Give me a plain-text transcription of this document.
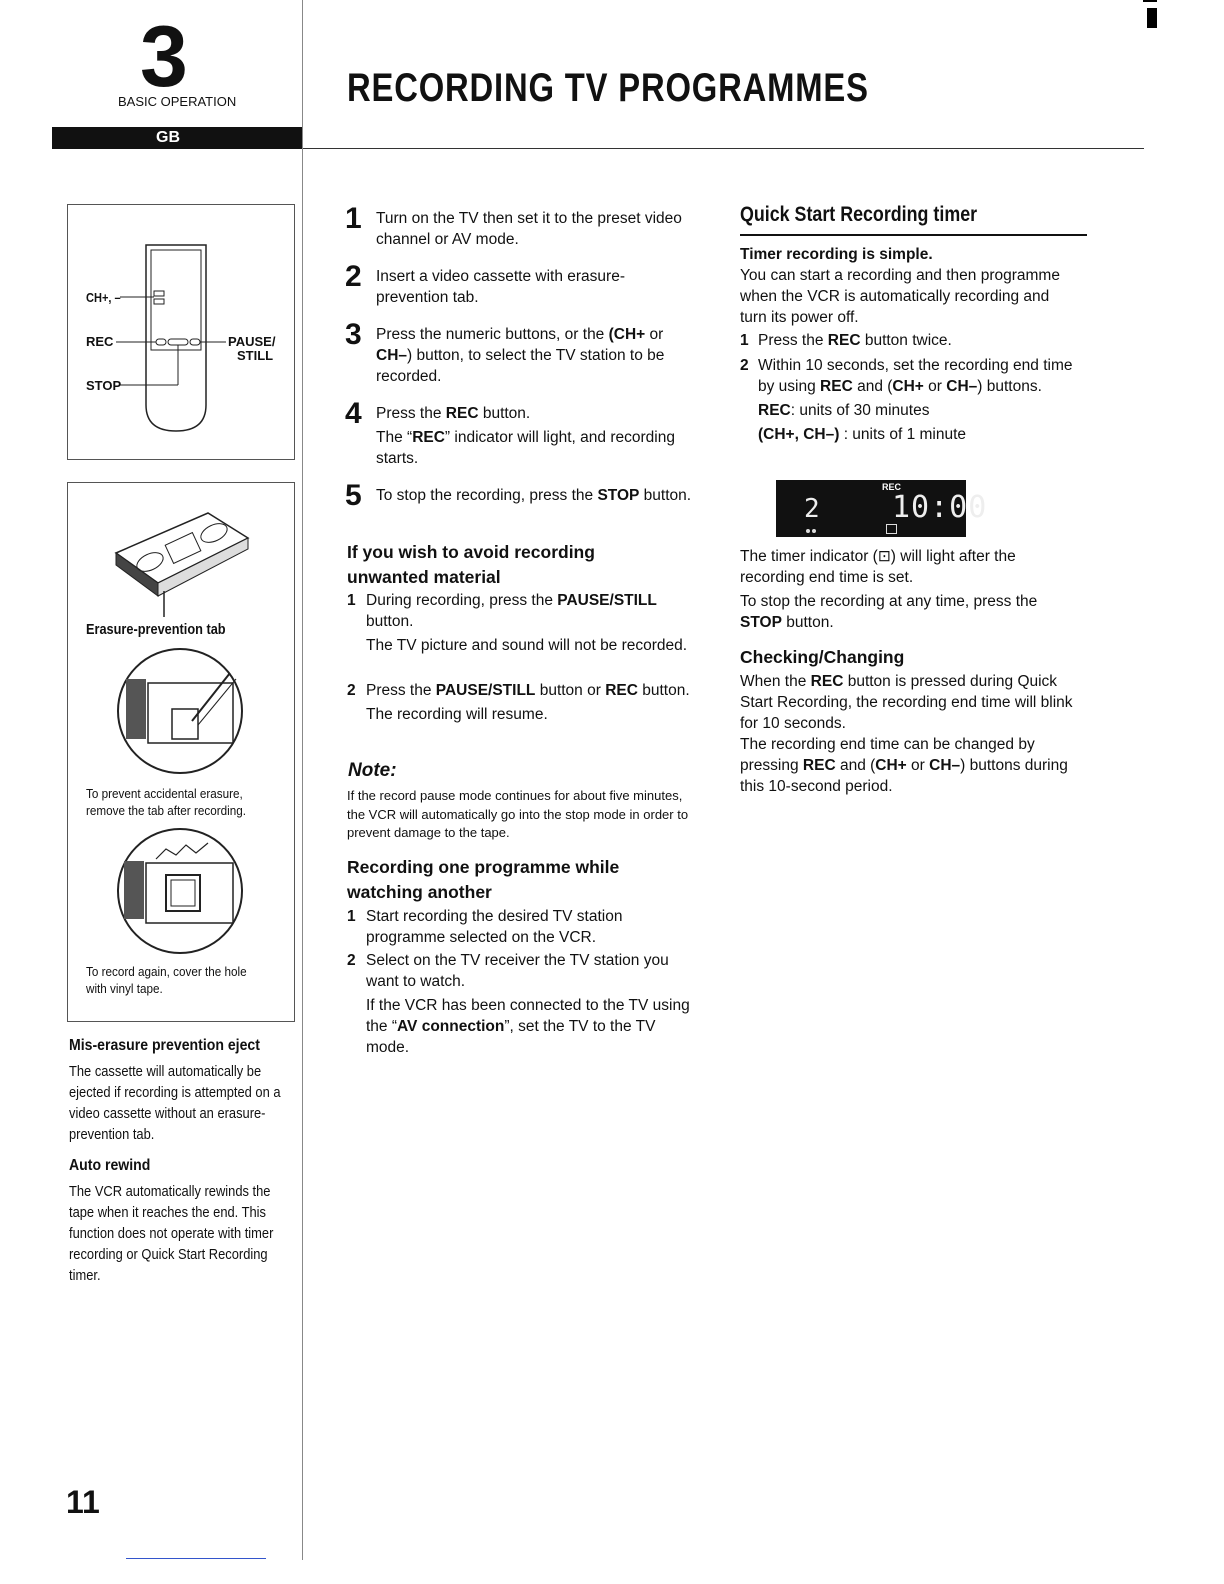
3
BASIC OPERATION	RECORDING TV PROGRAMMES
GB
CH+, –
REC
STOP
PAUSE/
STILL
Erasure-prevention tab
To prevent accidental erasure, remove the tab after recording.
To record again, cover the hole with vinyl tape.
Mis-erasure prevention eject
The cassette will automatically be ejected if recording is attempted on a video cassette without an erasure-prevention tab.
Auto rewind
The VCR automatically rewinds the tape when it reaches the end. This function does not operate with timer recording or Quick Start Recording timer.
1 Turn on the TV then set it to the preset video channel or AV mode.
2 Insert a video cassette with erasure-prevention tab.
3 Press the numeric buttons, or the (CH+ or CH–) button, to select the TV station to be recorded.
4 Press the REC button.

The “REC” indicator will light, and recording starts.
5 To stop the recording, press the STOP button.
If you wish to avoid recording unwanted material
1 During recording, press the PAUSE/STILL button.
The TV picture and sound will not be recorded.
2 Press the PAUSE/STILL button or REC button.
The recording will resume.
Note:
If the record pause mode continues for about five minutes, the VCR will automatically go into the stop mode in order to prevent damage to the tape.
Recording one programme while watching another
1 Start recording the desired TV station programme selected on the VCR.
2 Select on the TV receiver the TV station you want to watch.
If the VCR has been connected to the TV using the “AV connection”, set the TV to the TV mode.
Quick Start Recording timer
Timer recording is simple.
You can start a recording and then programme when the VCR is automatically recording and turn its power off.
1 Press the REC button twice.
2 Within 10 seconds, set the recording end time by using REC and (CH+ or CH–) buttons.
REC: units of 30 minutes
(CH+, CH–) : units of 1 minute
REC
2 10:00
The timer indicator (⊡) will light after the recording end time is set.
To stop the recording at any time, press the STOP button.
Checking/Changing
When the REC button is pressed during Quick Start Recording, the recording end time will blink for 10 seconds.
The recording end time can be changed by pressing REC and (CH+ or CH–) buttons during this 10-second period.
11
